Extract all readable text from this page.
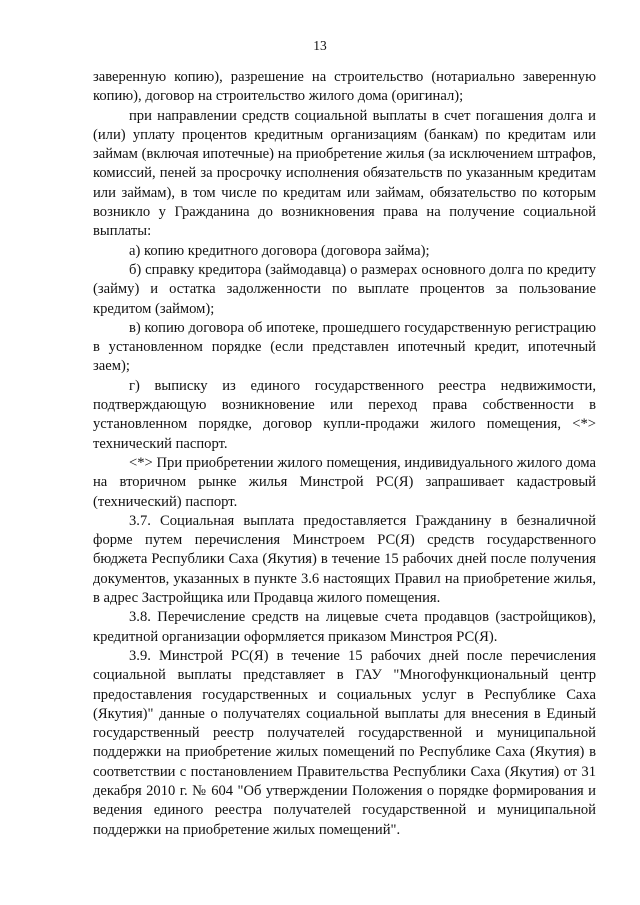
13

заверенную копию), разрешение на строительство (нотариально заверенную копию), договор на строительство жилого дома (оригинал);

при направлении средств социальной выплаты в счет погашения долга и (или) уплату процентов кредитным организациям (банкам) по кредитам или займам (включая ипотечные) на приобретение жилья (за исключением штрафов, комиссий, пеней за просрочку исполнения обязательств по указанным кредитам или займам), в том числе по кредитам или займам, обязательство по которым возникло у Гражданина до возникновения права на получение социальной выплаты:

а) копию кредитного договора (договора займа);

б) справку кредитора (займодавца) о размерах основного долга по кредиту (займу) и остатка задолженности по выплате процентов за пользование кредитом (займом);

в) копию договора об ипотеке, прошедшего государственную регистрацию в установленном порядке (если представлен ипотечный кредит, ипотечный заем);

г) выписку из единого государственного реестра недвижимости, подтверждающую возникновение или переход права собственности в установленном порядке, договор купли-продажи жилого помещения, <*> технический паспорт.

<*> При приобретении жилого помещения, индивидуального жилого дома на вторичном рынке жилья Минстрой РС(Я) запрашивает кадастровый (технический) паспорт.

3.7. Социальная выплата предоставляется Гражданину в безналичной форме путем перечисления Минстроем РС(Я) средств государственного бюджета Республики Саха (Якутия) в течение 15 рабочих дней после получения документов, указанных в пункте 3.6 настоящих Правил на приобретение жилья, в адрес Застройщика или Продавца жилого помещения.

3.8. Перечисление средств на лицевые счета продавцов (застройщиков), кредитной организации оформляется приказом Минстроя РС(Я).

3.9. Минстрой РС(Я) в течение 15 рабочих дней после перечисления социальной выплаты представляет в ГАУ "Многофункциональный центр предоставления государственных и социальных услуг в Республике Саха (Якутия)" данные о получателях социальной выплаты для внесения в Единый государственный реестр получателей государственной и муниципальной поддержки на приобретение жилых помещений по Республике Саха (Якутия) в соответствии с постановлением Правительства Республики Саха (Якутия) от 31 декабря 2010 г. № 604 "Об утверждении Положения о порядке формирования и ведения единого реестра получателей государственной и муниципальной поддержки на приобретение жилых помещений".
